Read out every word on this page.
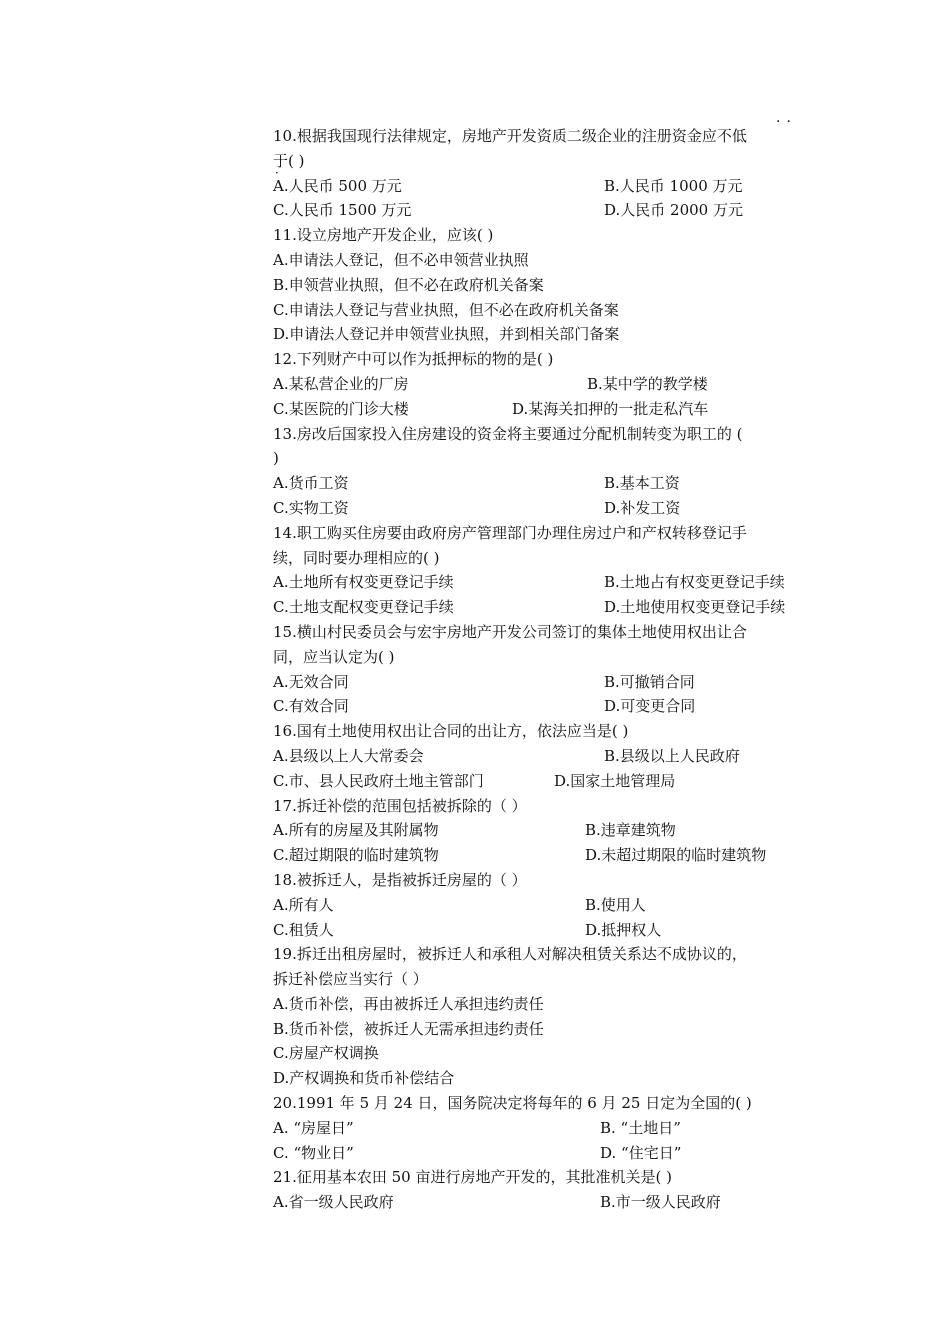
··
10.根据我国现行法律规定，房地产开发资质二级企业的注册资金应不低
·
于( )
A.人民币 500 万元	B.人民币 1000 万元
C.人民币 1500 万元	D.人民币 2000 万元
11.设立房地产开发企业，应该( )
A.申请法人登记，但不必申领营业执照
B.申领营业执照，但不必在政府机关备案
C.申请法人登记与营业执照，但不必在政府机关备案
D.申请法人登记并申领营业执照，并到相关部门备案
12.下列财产中可以作为抵押标的物的是( )
A.某私营企业的厂房	B.某中学的教学楼
C.某医院的门诊大楼	D.某海关扣押的一批走私汽车
13.房改后国家投入住房建设的资金将主要通过分配机制转变为职工的 (
)
A.货币工资	B.基本工资
C.实物工资	D.补发工资
14.职工购买住房要由政府房产管理部门办理住房过户和产权转移登记手
续，同时要办理相应的( )
A.土地所有权变更登记手续	B.土地占有权变更登记手续
C.土地支配权变更登记手续	D.土地使用权变更登记手续
15.横山村民委员会与宏宇房地产开发公司签订的集体土地使用权出让合
同，应当认定为( )
A.无效合同	B.可撤销合同
C.有效合同	D.可变更合同
16.国有土地使用权出让合同的出让方，依法应当是( )
A.县级以上人大常委会	B.县级以上人民政府
C.市、县人民政府土地主管部门	D.国家土地管理局
17.拆迁补偿的范围包括被拆除的（ ）
A.所有的房屋及其附属物	B.违章建筑物
C.超过期限的临时建筑物	D.未超过期限的临时建筑物
18.被拆迁人，是指被拆迁房屋的（ ）
A.所有人	B.使用人
C.租赁人	D.抵押权人
19.拆迁出租房屋时，被拆迁人和承租人对解决租赁关系达不成协议的，
拆迁补偿应当实行（ ）
A.货币补偿，再由被拆迁人承担违约责任
B.货币补偿，被拆迁人无需承担违约责任
C.房屋产权调换
D.产权调换和货币补偿结合
20.1991 年 5 月 24 日，国务院决定将每年的 6 月 25 日定为全国的( )
A. “房屋日”	B. “土地日”
C. “物业日”	D. “住宅日”
21.征用基本农田 50 亩进行房地产开发的，其批准机关是( )
A.省一级人民政府	B.市一级人民政府
